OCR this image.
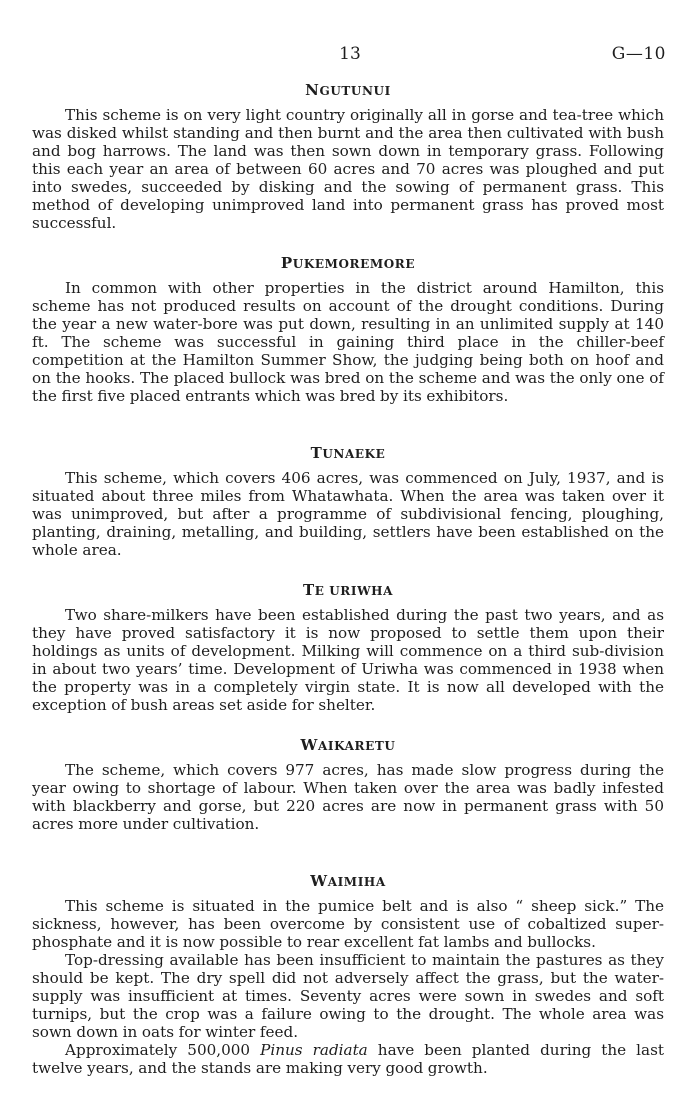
13	G—10
NGUTUNUI

This scheme is on very light country originally all in gorse and tea-tree which was disked whilst standing and then burnt and the area then cultivated with bush and bog harrows. The land was then sown down in temporary grass. Following this each year an area of between 60 acres and 70 acres was ploughed and put into swedes, succeeded by disking and the sowing of permanent grass. This method of developing unimproved land into permanent grass has proved most successful.

PUKEMOREMORE

In common with other properties in the district around Hamilton, this scheme has not produced results on account of the drought conditions. During the year a new water-bore was put down, resulting in an unlimited supply at 140 ft. The scheme was successful in gaining third place in the chiller-beef competition at the Hamilton Summer Show, the judging being both on hoof and on the hooks. The placed bullock was bred on the scheme and was the only one of the first five placed entrants which was bred by its exhibitors.

TUNAEKE

This scheme, which covers 406 acres, was commenced on July, 1937, and is situated about three miles from Whatawhata. When the area was taken over it was unimproved, but after a programme of subdivisional fencing, ploughing, planting, draining, metalling, and building, settlers have been established on the whole area.

TE URIWHA

Two share-milkers have been established during the past two years, and as they have proved satisfactory it is now proposed to settle them upon their holdings as units of development. Milking will commence on a third sub-division in about two years’ time. Development of Uriwha was commenced in 1938 when the property was in a completely virgin state. It is now all developed with the exception of bush areas set aside for shelter.

WAIKARETU

The scheme, which covers 977 acres, has made slow progress during the year owing to shortage of labour. When taken over the area was badly infested with blackberry and gorse, but 220 acres are now in permanent grass with 50 acres more under cultivation.

WAIMIHA

This scheme is situated in the pumice belt and is also “ sheep sick.” The sickness, however, has been overcome by consistent use of cobaltized super-phosphate and it is now possible to rear excellent fat lambs and bullocks.

Top-dressing available has been insufficient to maintain the pastures as they should be kept. The dry spell did not adversely affect the grass, but the water-supply was insufficient at times. Seventy acres were sown in swedes and soft turnips, but the crop was a failure owing to the drought. The whole area was sown down in oats for winter feed.

Approximately 500,000 Pinus radiata have been planted during the last twelve years, and the stands are making very good growth.
